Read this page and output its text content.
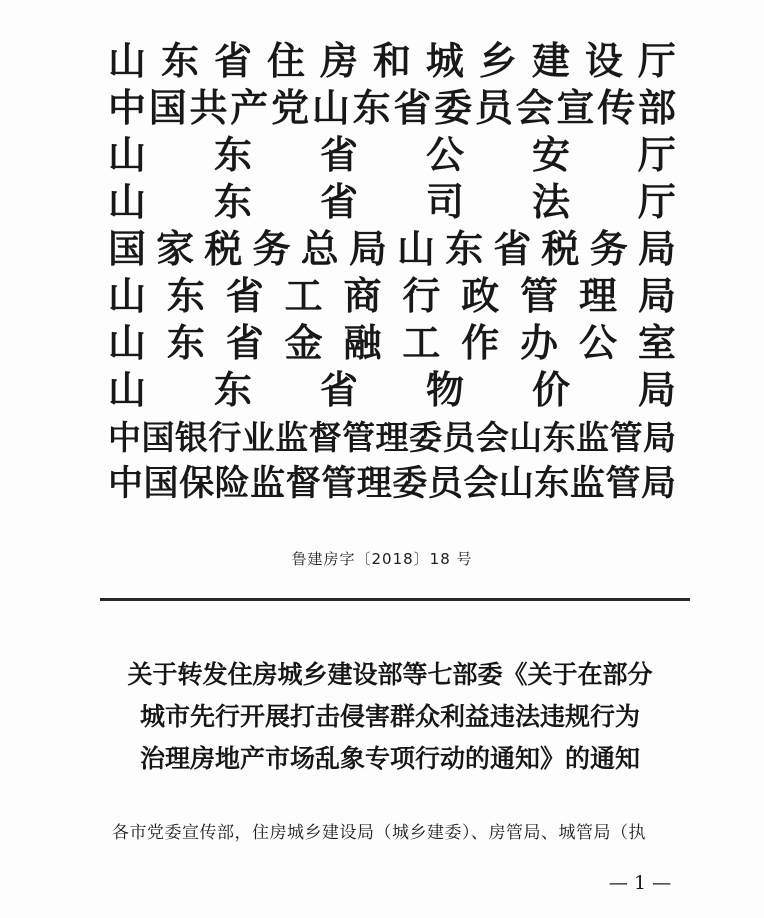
山 东 省 住 房 和 城 乡 建 设 厅
中 国 共 产 党 山 东 省 委 员 会 宣 传 部
山 东 省 公 安 厅
山 东 省 司 法 厅
国 家 税 务 总 局 山 东 省 税 务 局
山 东 省 工 商 行 政 管 理 局
山 东 省 金 融 工 作 办 公 室
山 东 省 物 价 局
中 国 银 行 业 监 督 管 理 委 员 会 山 东 监 管 局
中 国 保 险 监 督 管 理 委 员 会 山 东 监 管 局
鲁建房字〔2018〕18 号
关于转发住房城乡建设部等七部委《关于在部分
城市先行开展打击侵害群众利益违法违规行为
治理房地产市场乱象专项行动的通知》的通知
各市党委宣传部，住房城乡建设局（城乡建委）、房管局、城管局（执
— 1 —
